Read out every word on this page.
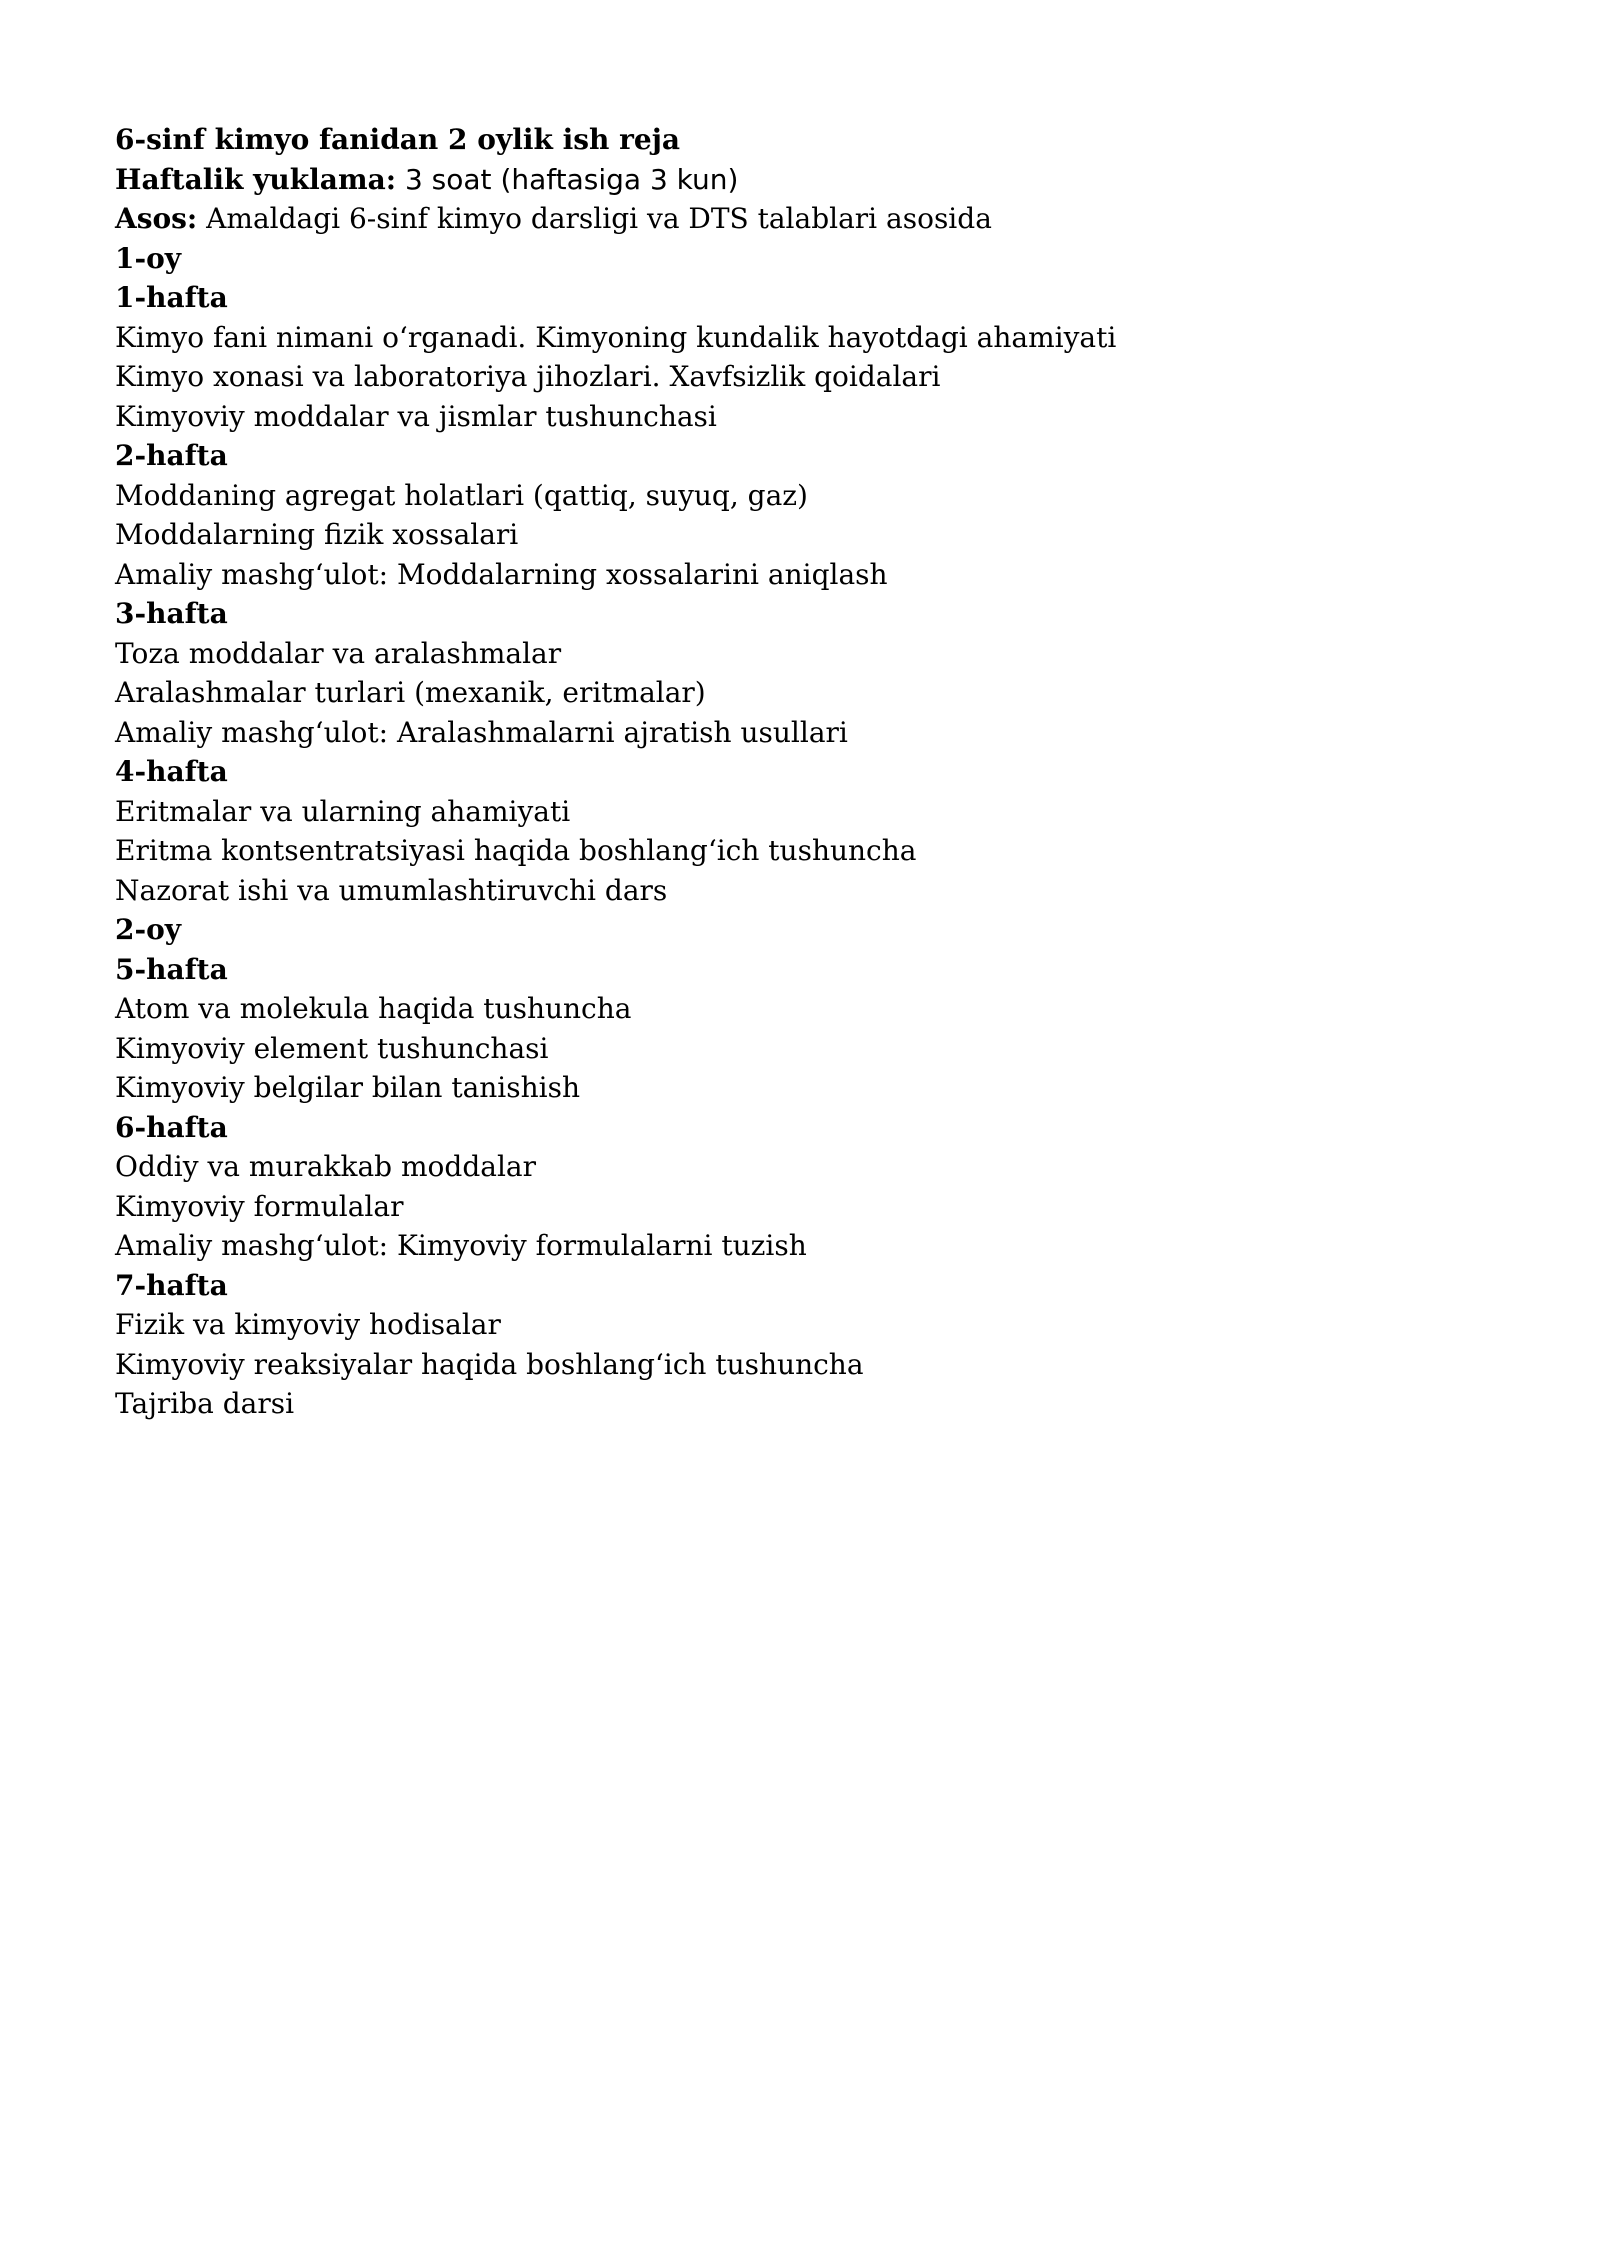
6-sinf kimyo fanidan 2 oylik ish reja
Haftalik yuklama: 3 soat (haftasiga 3 kun)
Asos: Amaldagi 6-sinf kimyo darsligi va DTS talablari asosida
1-oy
1-hafta
Kimyo fani nimani oʻrganadi. Kimyoning kundalik hayotdagi ahamiyati
Kimyo xonasi va laboratoriya jihozlari. Xavfsizlik qoidalari
Kimyoviy moddalar va jismlar tushunchasi
2-hafta
Moddaning agregat holatlari (qattiq, suyuq, gaz)
Moddalarning fizik xossalari
Amaliy mashgʻulot: Moddalarning xossalarini aniqlash
3-hafta
Toza moddalar va aralashmalar
Aralashmalar turlari (mexanik, eritmalar)
Amaliy mashgʻulot: Aralashmalarni ajratish usullari
4-hafta
Eritmalar va ularning ahamiyati
Eritma kontsentratsiyasi haqida boshlangʻich tushuncha
Nazorat ishi va umumlashtiruvchi dars
2-oy
5-hafta
Atom va molekula haqida tushuncha
Kimyoviy element tushunchasi
Kimyoviy belgilar bilan tanishish
6-hafta
Oddiy va murakkab moddalar
Kimyoviy formulalar
Amaliy mashgʻulot: Kimyoviy formulalarni tuzish
7-hafta
Fizik va kimyoviy hodisalar
Kimyoviy reaksiyalar haqida boshlangʻich tushuncha
Tajriba darsi
